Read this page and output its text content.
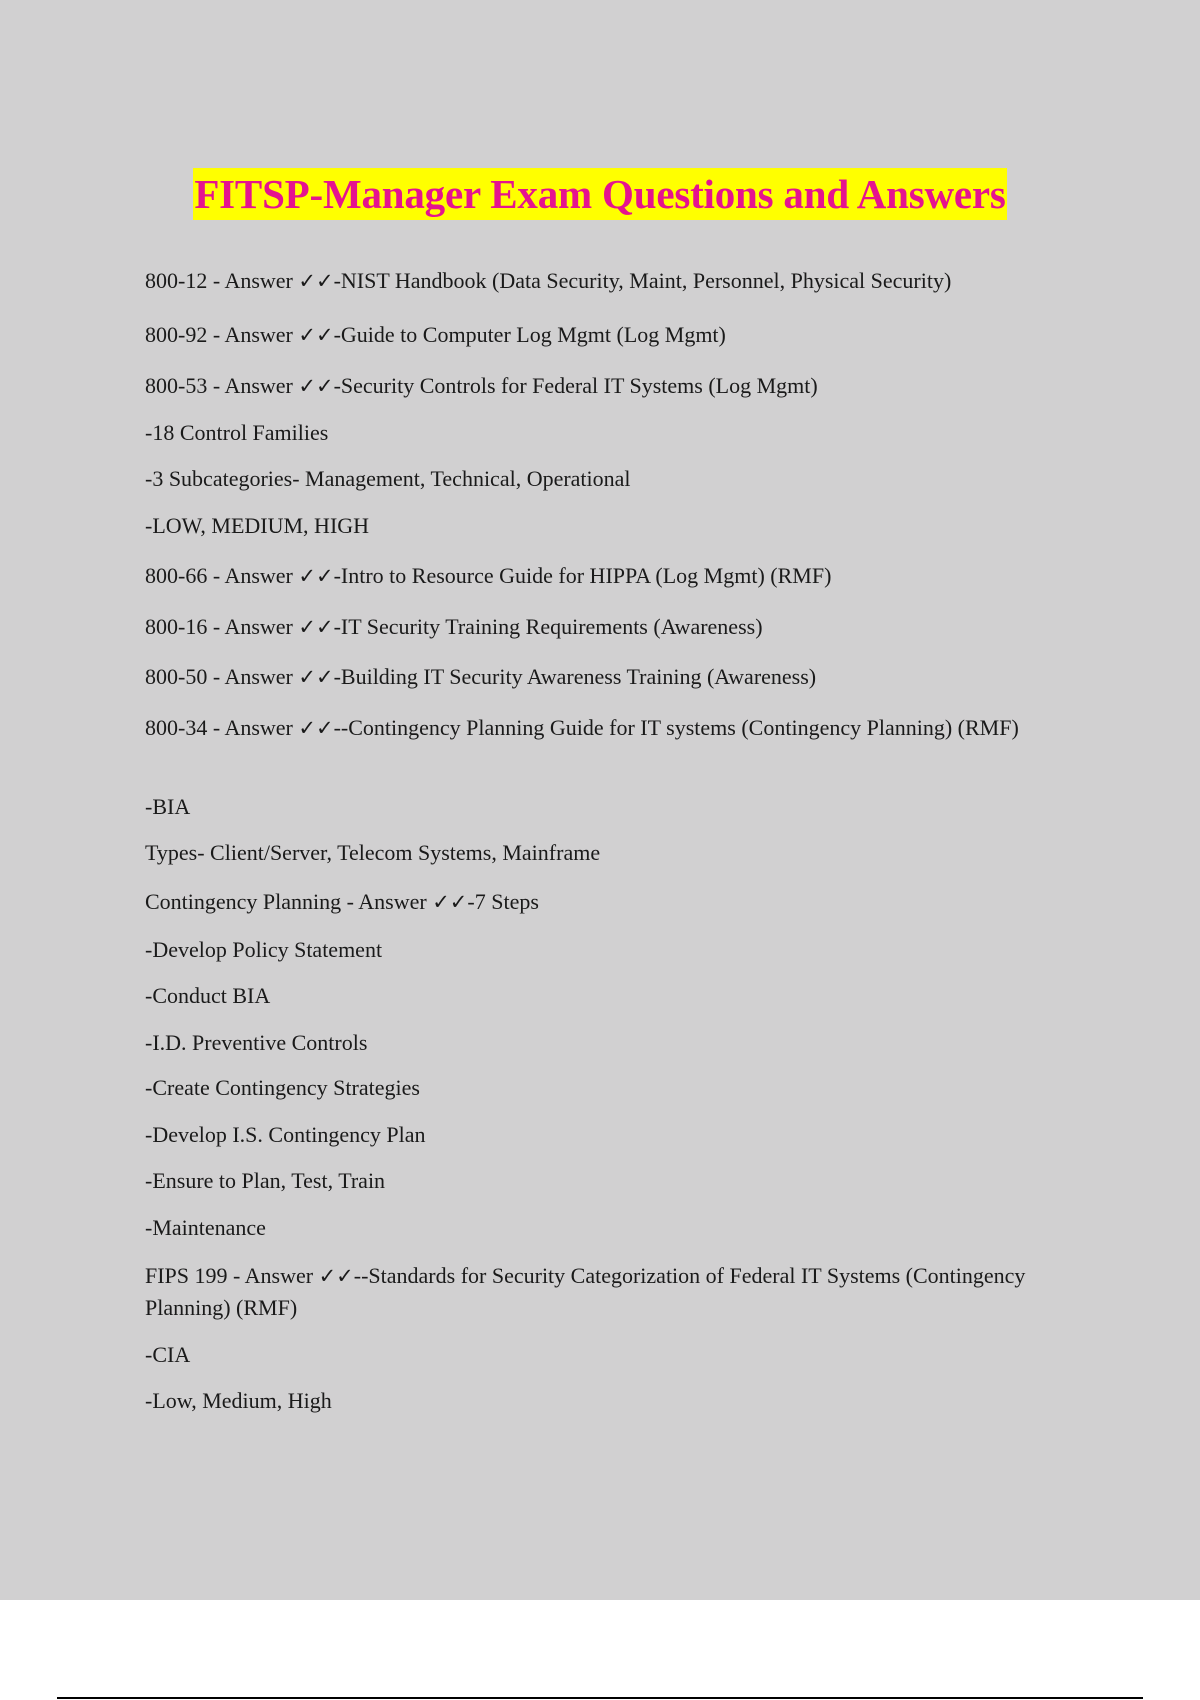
FITSP-Manager Exam Questions and Answers
800-12 - Answer ✓✓-NIST Handbook (Data Security, Maint, Personnel, Physical Security)
800-92 - Answer ✓✓-Guide to Computer Log Mgmt (Log Mgmt)
800-53 - Answer ✓✓-Security Controls for Federal IT Systems (Log Mgmt)
-18 Control Families
-3 Subcategories- Management, Technical, Operational
-LOW, MEDIUM, HIGH
800-66 - Answer ✓✓-Intro to Resource Guide for HIPPA (Log Mgmt) (RMF)
800-16 - Answer ✓✓-IT Security Training Requirements (Awareness)
800-50 - Answer ✓✓-Building IT Security Awareness Training (Awareness)
800-34 - Answer ✓✓--Contingency Planning Guide for IT systems (Contingency Planning) (RMF)
-BIA
Types- Client/Server, Telecom Systems, Mainframe
Contingency Planning - Answer ✓✓-7 Steps
-Develop Policy Statement
-Conduct BIA
-I.D. Preventive Controls
-Create Contingency Strategies
-Develop I.S. Contingency Plan
-Ensure to Plan, Test, Train
-Maintenance
FIPS 199 - Answer ✓✓--Standards for Security Categorization of Federal IT Systems (Contingency Planning) (RMF)
-CIA
-Low, Medium, High
